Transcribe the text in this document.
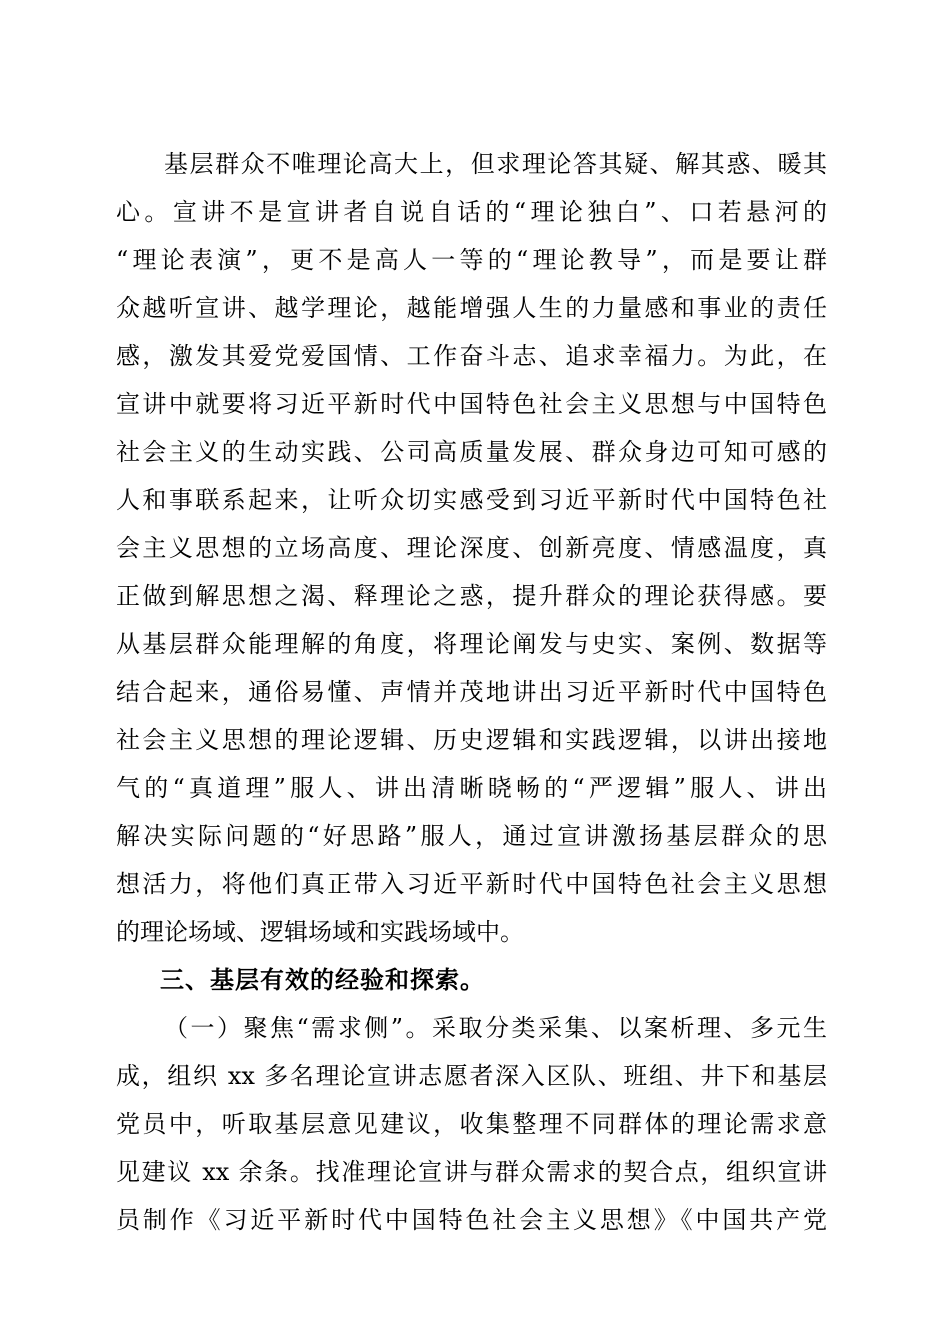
基层群众不唯理论高大上，但求理论答其疑、解其惑、暖其
心。宣讲不是宣讲者自说自话的“理论独白”、口若悬河的
“理论表演”，更不是高人一等的“理论教导”，而是要让群
众越听宣讲、越学理论，越能增强人生的力量感和事业的责任
感，激发其爱党爱国情、工作奋斗志、追求幸福力。为此，在
宣讲中就要将习近平新时代中国特色社会主义思想与中国特色
社会主义的生动实践、公司高质量发展、群众身边可知可感的
人和事联系起来，让听众切实感受到习近平新时代中国特色社
会主义思想的立场高度、理论深度、创新亮度、情感温度，真
正做到解思想之渴、释理论之惑，提升群众的理论获得感。要
从基层群众能理解的角度，将理论阐发与史实、案例、数据等
结合起来，通俗易懂、声情并茂地讲出习近平新时代中国特色
社会主义思想的理论逻辑、历史逻辑和实践逻辑，以讲出接地
气的“真道理”服人、讲出清晰晓畅的“严逻辑”服人、讲出
解决实际问题的“好思路”服人，通过宣讲激扬基层群众的思
想活力，将他们真正带入习近平新时代中国特色社会主义思想
的理论场域、逻辑场域和实践场域中。
三、基层有效的经验和探索。
（一）聚焦“需求侧”。采取分类采集、以案析理、多元生
成，组织 xx 多名理论宣讲志愿者深入区队、班组、井下和基层
党员中，听取基层意见建议，收集整理不同群体的理论需求意
见建议 xx 余条。找准理论宣讲与群众需求的契合点，组织宣讲
员制作《习近平新时代中国特色社会主义思想》《中国共产党
